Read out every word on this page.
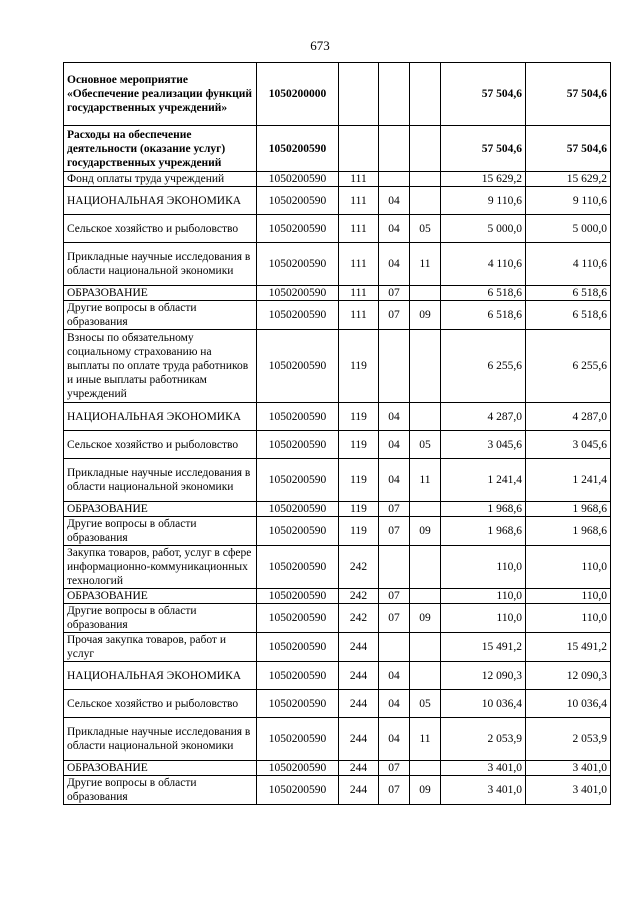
673
Основное мероприятие «Обеспечение реализации функций государственных учреждений»	1050200000				57 504,6	57 504,6
Расходы на обеспечение деятельности (оказание услуг) государственных учреждений	1050200590				57 504,6	57 504,6
Фонд оплаты труда учреждений	1050200590	111			15 629,2	15 629,2
НАЦИОНАЛЬНАЯ ЭКОНОМИКА	1050200590	111	04		9 110,6	9 110,6
Сельское хозяйство и рыболовство	1050200590	111	04	05	5 000,0	5 000,0
Прикладные научные исследования в области национальной экономики	1050200590	111	04	11	4 110,6	4 110,6
ОБРАЗОВАНИЕ	1050200590	111	07		6 518,6	6 518,6
Другие вопросы в области образования	1050200590	111	07	09	6 518,6	6 518,6
Взносы по обязательному социальному страхованию на выплаты по оплате труда работников и иные выплаты работникам учреждений	1050200590	119			6 255,6	6 255,6
НАЦИОНАЛЬНАЯ ЭКОНОМИКА	1050200590	119	04		4 287,0	4 287,0
Сельское хозяйство и рыболовство	1050200590	119	04	05	3 045,6	3 045,6
Прикладные научные исследования в области национальной экономики	1050200590	119	04	11	1 241,4	1 241,4
ОБРАЗОВАНИЕ	1050200590	119	07		1 968,6	1 968,6
Другие вопросы в области образования	1050200590	119	07	09	1 968,6	1 968,6
Закупка товаров, работ, услуг в сфере информационно-коммуникационных технологий	1050200590	242			110,0	110,0
ОБРАЗОВАНИЕ	1050200590	242	07		110,0	110,0
Другие вопросы в области образования	1050200590	242	07	09	110,0	110,0
Прочая закупка товаров, работ и услуг	1050200590	244			15 491,2	15 491,2
НАЦИОНАЛЬНАЯ ЭКОНОМИКА	1050200590	244	04		12 090,3	12 090,3
Сельское хозяйство и рыболовство	1050200590	244	04	05	10 036,4	10 036,4
Прикладные научные исследования в области национальной экономики	1050200590	244	04	11	2 053,9	2 053,9
ОБРАЗОВАНИЕ	1050200590	244	07		3 401,0	3 401,0
Другие вопросы в области образования	1050200590	244	07	09	3 401,0	3 401,0
